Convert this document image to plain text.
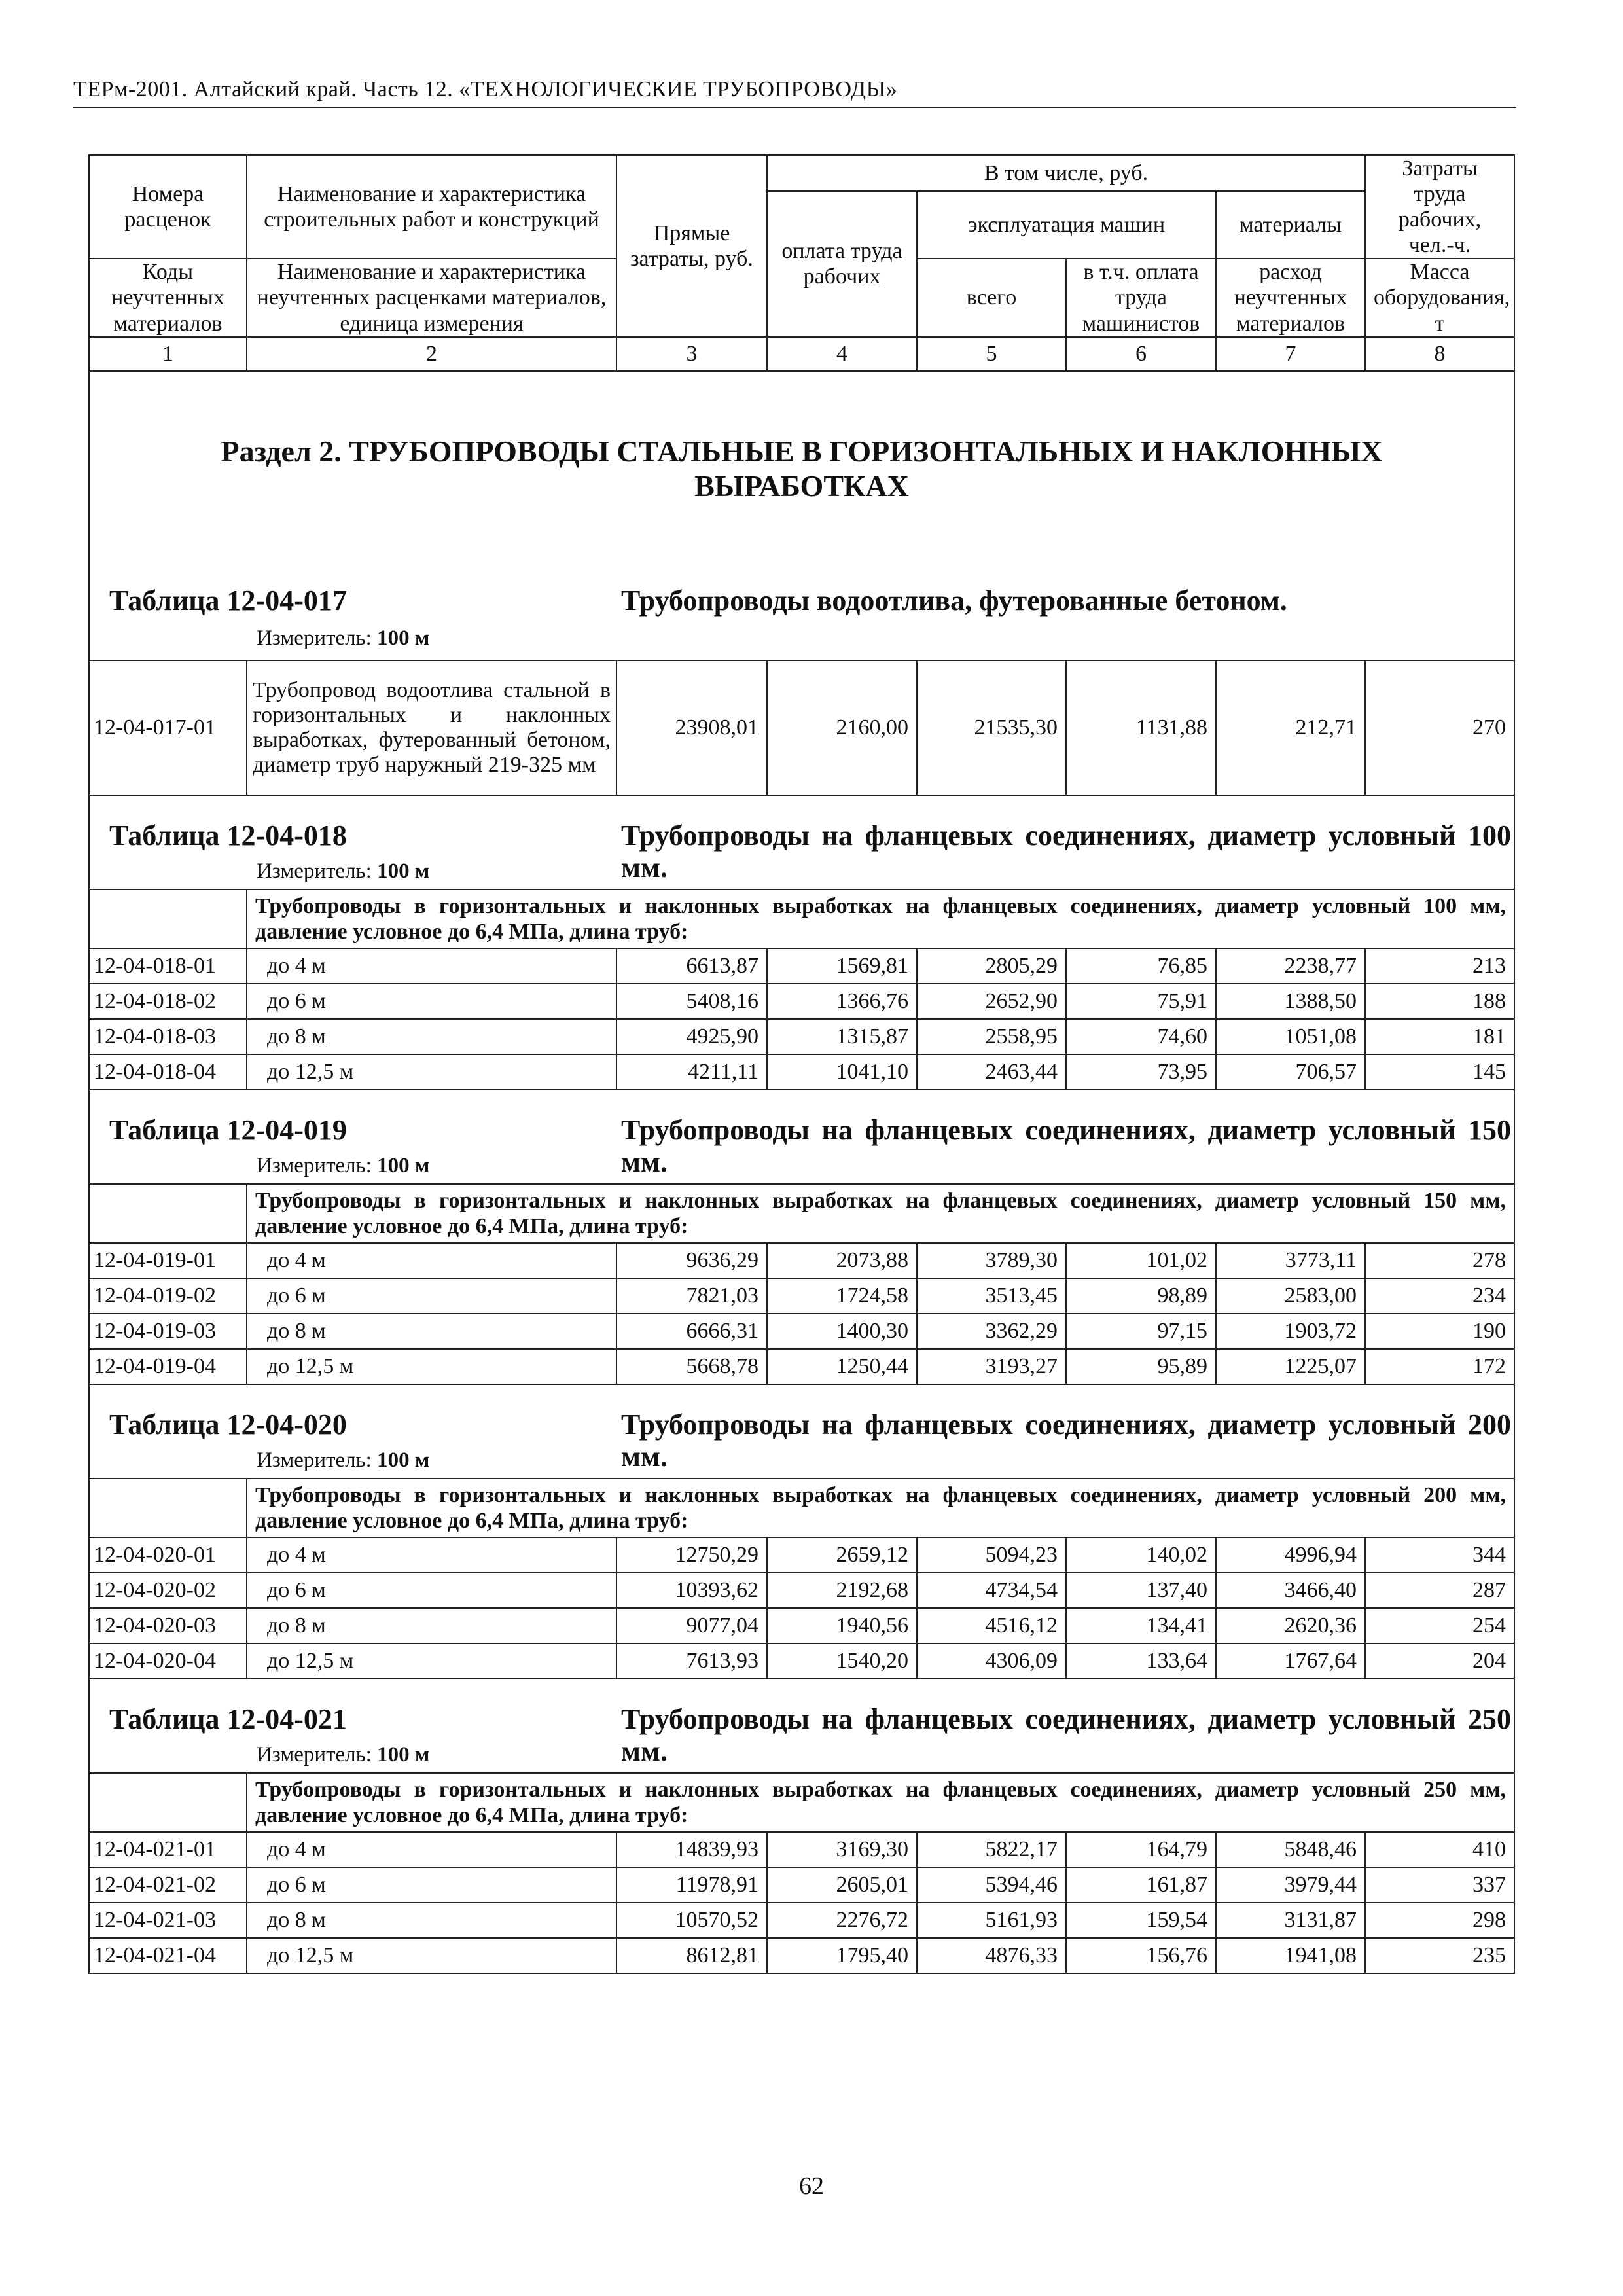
ТЕРм-2001. Алтайский край. Часть 12. «ТЕХНОЛОГИЧЕСКИЕ ТРУБОПРОВОДЫ»
Номера расценок	Наименование и характеристика строительных работ и конструкций	Прямые затраты, руб.	В том числе, руб.				Затраты труда рабочих, чел.-ч.
			оплата труда рабочих	эксплуатация машин		материалы	
Коды неучтенных материалов	Наименование и характеристика неучтенных расценками материалов, единица измерения			всего	в т.ч. оплата труда машинистов	расход неучтенных материалов	Масса оборудования, т

1	2	3	4	5	6	7	8

Раздел 2. ТРУБОПРОВОДЫ СТАЛЬНЫЕ В ГОРИЗОНТАЛЬНЫХ И НАКЛОННЫХ
ВЫРАБОТКАХ
Таблица 12-04-017 Трубопроводы водоотлива, футерованные бетоном.
Измеритель: 100 м							

12-04-017-01	Трубопровод водоотлива стальной в горизонтальных и наклонных выработках, футерованный бетоном, диаметр труб наружный 219-325 мм	23908,01	2160,00	21535,30	1131,88	212,71	270

Таблица 12-04-018 Трубопроводы на фланцевых соединениях, диаметр условный 100 мм.
Измеритель: 100 м							

	Трубопроводы в горизонтальных и наклонных выработках на фланцевых соединениях, диаметр условный 100 мм, давление условное до 6,4 МПа, длина труб:						
12-04-018-01	до 4 м	6613,87	1569,81	2805,29	76,85	2238,77	213
12-04-018-02	до 6 м	5408,16	1366,76	2652,90	75,91	1388,50	188
12-04-018-03	до 8 м	4925,90	1315,87	2558,95	74,60	1051,08	181
12-04-018-04	до 12,5 м	4211,11	1041,10	2463,44	73,95	706,57	145

Таблица 12-04-019 Трубопроводы на фланцевых соединениях, диаметр условный 150 мм.
Измеритель: 100 м							

	Трубопроводы в горизонтальных и наклонных выработках на фланцевых соединениях, диаметр условный 150 мм, давление условное до 6,4 МПа, длина труб:						
12-04-019-01	до 4 м	9636,29	2073,88	3789,30	101,02	3773,11	278
12-04-019-02	до 6 м	7821,03	1724,58	3513,45	98,89	2583,00	234
12-04-019-03	до 8 м	6666,31	1400,30	3362,29	97,15	1903,72	190
12-04-019-04	до 12,5 м	5668,78	1250,44	3193,27	95,89	1225,07	172

Таблица 12-04-020 Трубопроводы на фланцевых соединениях, диаметр условный 200 мм.
Измеритель: 100 м							

	Трубопроводы в горизонтальных и наклонных выработках на фланцевых соединениях, диаметр условный 200 мм, давление условное до 6,4 МПа, длина труб:						
12-04-020-01	до 4 м	12750,29	2659,12	5094,23	140,02	4996,94	344
12-04-020-02	до 6 м	10393,62	2192,68	4734,54	137,40	3466,40	287
12-04-020-03	до 8 м	9077,04	1940,56	4516,12	134,41	2620,36	254
12-04-020-04	до 12,5 м	7613,93	1540,20	4306,09	133,64	1767,64	204

Таблица 12-04-021 Трубопроводы на фланцевых соединениях, диаметр условный 250 мм.
Измеритель: 100 м							

	Трубопроводы в горизонтальных и наклонных выработках на фланцевых соединениях, диаметр условный 250 мм, давление условное до 6,4 МПа, длина труб:						
12-04-021-01	до 4 м	14839,93	3169,30	5822,17	164,79	5848,46	410
12-04-021-02	до 6 м	11978,91	2605,01	5394,46	161,87	3979,44	337
12-04-021-03	до 8 м	10570,52	2276,72	5161,93	159,54	3131,87	298
12-04-021-04	до 12,5 м	8612,81	1795,40	4876,33	156,76	1941,08	235
62
